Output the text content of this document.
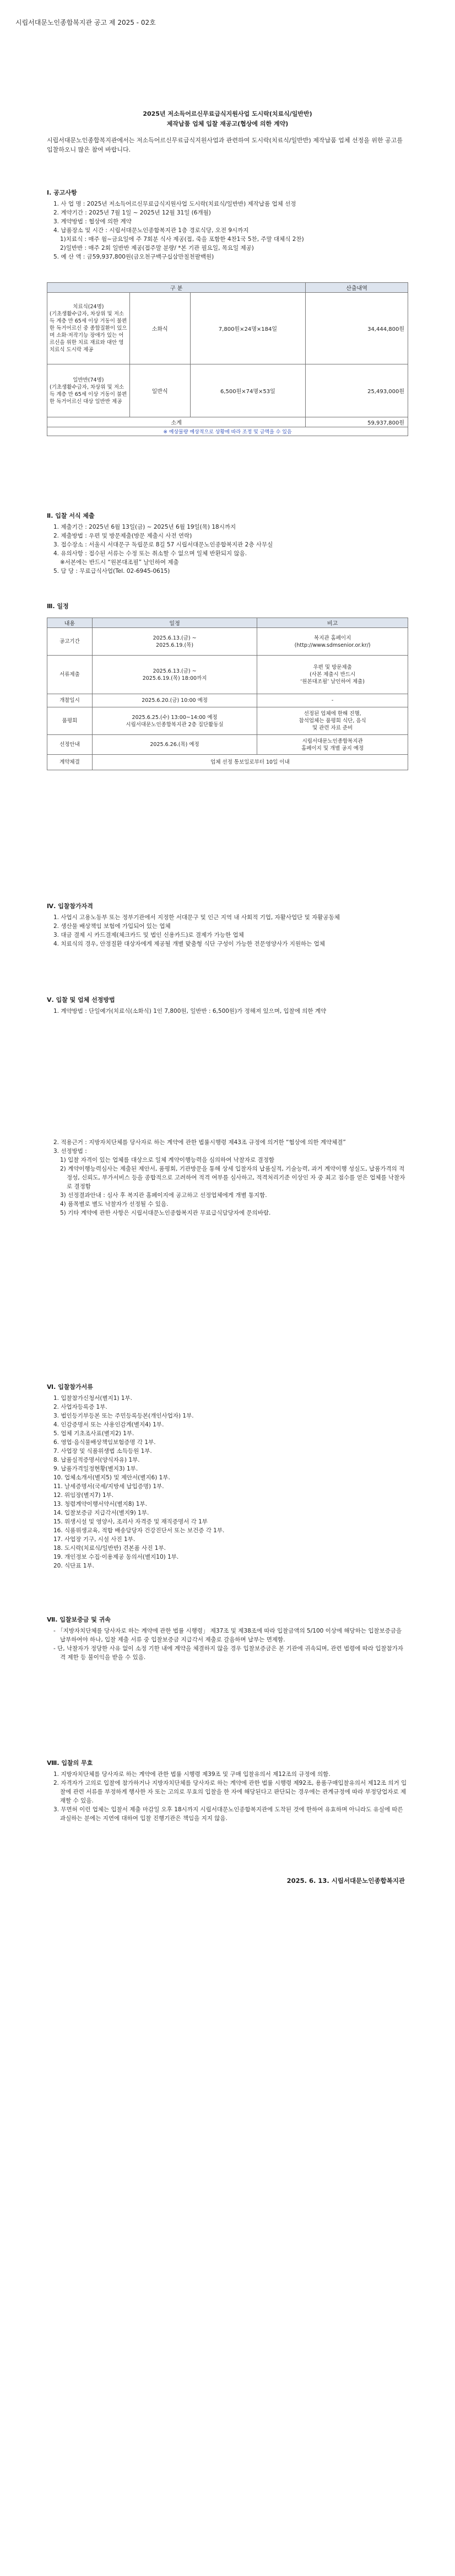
시립서대문노인종합복지관 공고 제 2025 - 02호
2025년 저소득어르신무료급식지원사업 도시락(치료식/일반반)
제작납품 업체 입찰 재공고(협상에 의한 계약)
시립서대문노인종합복지관에서는 저소득어르신무료급식지원사업과 관련하여 도시락(치료식/일반반) 제작납품 업체 선정을 위한 공고를 입찰하오니 많은 참여 바랍니다.
Ⅰ. 공고사항

1. 사 업 명 : 2025년 저소득어르신무료급식지원사업 도시락(치료식/일반반) 제작납품 업체 선정

2. 계약기간 : 2025년 7월 1일 ~ 2025년 12월 31일 (6개월)

3. 계약방법 : 협상에 의한 계약

4. 납품장소 및 시간 : 시립서대문노인종합복지관 1층 경로식당, 오전 9시까지

1)치료식 : 매주 월~금요일에 주 7회분 식사 제공(접, 죽을 포함한 4찬1국 5찬, 주말 대체식 2찬)

2)일반반 : 매주 2회 일반반 제공(접주말 분량/ *본 기관 필요일, 목요일 제공)

5. 예 산 액 : 금59,937,800원(금오천구백구십삼만칠천팔백원)

구 분			산출내역

치료식(24명)
(기초생활수급자, 차상위 및 저소득 계층 만 65세 이상 거동이 불편한 독거어르신 중 종합질환이 있으며 소화·저작기능 장애가 있는 어르신을 위한 치료 재료와 대안 영 치료식 도시락 제공	소화식	7,800원×24명×184일	34,444,800원

일반반(74명)
(기초생활수급자, 차상위 및 저소득 계층 만 65세 이상 거동이 불편한 독거어르신 대상 일반반 제공	일반식	6,500원×74명×53일	25,493,000원
소계			59,937,800원
※ 예상물량 예상적으로 상황에 따라 조정 및 금액을 수 있음			
Ⅱ. 입찰 서식 제출

1. 제출기간 : 2025년 6월 13일(금) ~ 2025년 6월 19일(목) 18시까지

2. 제출방법 : 우편 및 방문제출(방문 제출시 사전 연락)

3. 접수장소 : 서울시 서대문구 독립문로 8길 57 시립서대문노인종합복지관 2층 사무실

4. 유의사항 : 접수된 서류는 수정 또는 취소할 수 없으며 일체 반환되지 않음.

※서본에는 반드시 “원본대조필” 날인하여 제출

5. 담 당 : 무료급식사업(Tel. 02-6945-0615)

Ⅲ. 일정
내용	일정	비고
공고기간	2025.6.13.(금) ~
2025.6.19.(목)	복지관 홈페이지
(http://www.sdmsenior.or.kr/)
서류제출	2025.6.13.(금) ~
2025.6.19.(목) 18:00까지	우편 및 방문제출
(사본 제출시 반드시
‘원본대조필’ 날인하여 제출)
개찰일시	2025.6.20.(금) 10:00 예정	-
품평회	2025.6.25.(수) 13:00~14:00 예정
시립서대문노인종합복지관 2층 집단활동실	선정된 업체에 한해 진행,
참석업체는 품평회 식단, 음식
및 관련 자료 준비
선정안내	2025.6.26.(목) 예정	시립서대문노인종합복지관
홈페이지 및 개별 공지 예정
계약체결	업체 선정 통보일로부터 10일 이내	
Ⅳ. 입찰참가자격

1. 사업시 고용노동부 또는 정부기관에서 지정한 서대문구 및 인근 지역 내 사회적 기업, 자활사업단 및 자활공동체

2. 생산물 배상책임 보험에 가입되어 있는 업체

3. 대금 결제 시 카드결제(체크카드 및 법인 신용카드)로 결제가 가능한 업체

4. 치료식의 경우, 안정질환 대상자에게 제공될 개별 맞춤형 식단 구성이 가능한 전문영양사가 지원하는 업체

Ⅴ. 입찰 및 업체 선정방법

1. 계약방법 : 단일예가(치료식(소화식) 1인 7,800원, 일반반 : 6,500원)가 정해져 있으며, 입찰에 의한 계약

2. 적용근거 : 지방자치단체를 당사자로 하는 계약에 관한 법률시행령 제43조 규정에 의거한 “협상에 의한 계약체결”

3. 선정방법 :

1) 입찰 자격이 있는 업체를 대상으로 일체 계약이행능력을 심의하여 낙찰자로 결정함

2) 계약이행능력심사는 제출된 제안서, 품평회, 기관방문을 통해 상세 입찰자의 납품실적, 기술능력, 과거 계약이행 성실도, 납품가격의 적정성, 신뢰도, 부가서비스 등을 종합적으로 고려하여 적격 여부를 심사하고, 적격처리기준 이상인 자 중 최고 점수를 얻은 업체를 낙찰자로 결정함

3) 선정결과안내 : 심사 후 복지관 홈페이지에 공고하고 선정업체에게 개별 통지함.

4) 품목별로 별도 낙찰자가 선정될 수 있음.

5) 기타 계약에 관한 사항은 시립서대문노인종합복지관 무료급식담당자에 문의바람.

Ⅵ. 입찰참가서류

1. 입찰참가신청서(별지1) 1부.

2. 사업자등록증 1부.

3. 법인등기부등본 또는 주민등록등본(개인사업자) 1부.

4. 인감증명서 또는 사용인감계(별지4) 1부.

5. 업체 기초조사표(별지2) 1부.

6. 영업·음식물배상책임보험증명 각 1부.

7. 사업장 및 식품위생법 소득등원 1부.

8. 납품실적증명서(양식자유) 1부.

9. 납품가격일정현황(별지3) 1부.

10. 업체소개서(별지5) 및 제안서(별지6) 1부.

11. 날세증명서(국세/지방세 납입증명) 1부.

12. 위임장(별지7) 1부.

13. 청렴계약이행서약서(별지8) 1부.

14. 입찰보증금 지급각서(별지9) 1부.

15. 위생시설 및 영양사, 조리사 자격증 및 재직증명서 각 1부

16. 식품위생교육, 적합 배송담당자 건강진단서 또는 보건증 각 1부.

17. 사업장 기구, 시설 사진 1부.

18. 도시락(치료식/일반반) 견본품 사진 1부.

19. 개인정보 수집·이용제공 동의서(별지10) 1부.

20. 식단표 1부.

Ⅶ. 입찰보증금 및 귀속

- 「지방자치단체를 당사자로 하는 계약에 관한 법률 시행령」 제37조 및 제38조에 따라 입찰금액의 5/100 이상에 해당하는 입찰보증금을 납부하여야 하나, 입찰 제출 서류 중 입찰보증금 지급각서 제출로 갈음하며 납부는 면제함.

- 단, 낙찰자가 정당한 사유 없이 소정 기한 내에 계약을 체결하지 않을 경우 입찰보증금은 본 기관에 귀속되며, 관련 법령에 따라 입찰참가자격 제한 등 불이익을 받을 수 있음.

Ⅷ. 입찰의 무효

1. 지방자치단체를 당사자로 하는 계약에 관한 법률 시행령 제39조 및 구매 입찰유의서 제12조의 규정에 의함.

2. 자격자가 고의로 입찰에 참가하거나 지방자치단체를 당사자로 하는 계약에 관한 법률 시행령 제92조, 용품구매입찰유의서 제12조 의거 입찰에 관련 서류를 부정하게 행사한 자 또는 고의로 무효의 입찰을 한 자에 해당된다고 판단되는 경우에는 관계규정에 따라 부정당업자로 제재할 수 있음.

3. 무면허 이런 업체는 입찰서 제출 마감일 오후 18시까지 시립서대문노인종합복지관에 도착된 것에 한하여 유효하며 아니라도 유실에 따른 과실하는 분에는 지연에 대하여 입찰 진행기관은 책임을 지지 않음.

2025. 6. 13. 시립서대문노인종합복지관
